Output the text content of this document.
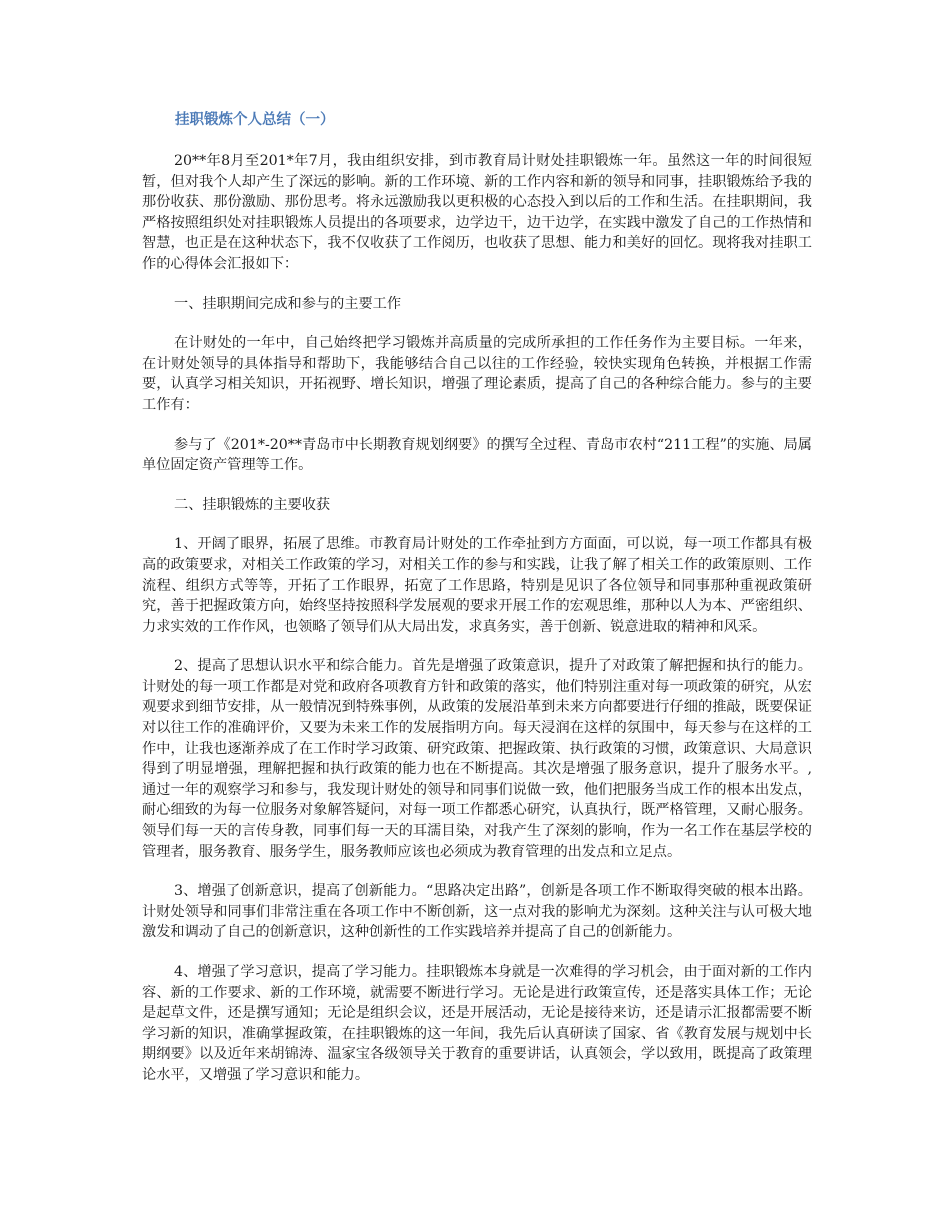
挂职锻炼个人总结（一）

20**年8月至201*年7月，我由组织安排，到市教育局计财处挂职锻炼一年。虽然这一年的时间很短暂，但对我个人却产生了深远的影响。新的工作环境、新的工作内容和新的领导和同事，挂职锻炼给予我的那份收获、那份激励、那份思考。将永远激励我以更积极的心态投入到以后的工作和生活。在挂职期间，我严格按照组织处对挂职锻炼人员提出的各项要求，边学边干，边干边学，在实践中激发了自己的工作热情和智慧，也正是在这种状态下，我不仅收获了工作阅历，也收获了思想、能力和美好的回忆。现将我对挂职工作的心得体会汇报如下：

一、挂职期间完成和参与的主要工作

在计财处的一年中，自己始终把学习锻炼并高质量的完成所承担的工作任务作为主要目标。一年来，在计财处领导的具体指导和帮助下，我能够结合自己以往的工作经验，较快实现角色转换，并根据工作需要，认真学习相关知识，开拓视野、增长知识，增强了理论素质，提高了自己的各种综合能力。参与的主要工作有：

参与了《201*-20**青岛市中长期教育规划纲要》的撰写全过程、青岛市农村“211工程”的实施、局属单位固定资产管理等工作。

二、挂职锻炼的主要收获

1、开阔了眼界，拓展了思维。市教育局计财处的工作牵扯到方方面面，可以说，每一项工作都具有极高的政策要求，对相关工作政策的学习，对相关工作的参与和实践，让我了解了相关工作的政策原则、工作流程、组织方式等等，开拓了工作眼界，拓宽了工作思路，特别是见识了各位领导和同事那种重视政策研究，善于把握政策方向，始终坚持按照科学发展观的要求开展工作的宏观思维，那种以人为本、严密组织、力求实效的工作作风，也领略了领导们从大局出发，求真务实，善于创新、锐意进取的精神和风采。

2、提高了思想认识水平和综合能力。首先是增强了政策意识，提升了对政策了解把握和执行的能力。计财处的每一项工作都是对党和政府各项教育方针和政策的落实，他们特别注重对每一项政策的研究，从宏观要求到细节安排，从一般情况到特殊事例，从政策的发展沿革到未来方向都要进行仔细的推敲，既要保证对以往工作的准确评价，又要为未来工作的发展指明方向。每天浸润在这样的氛围中，每天参与在这样的工作中，让我也逐渐养成了在工作时学习政策、研究政策、把握政策、执行政策的习惯，政策意识、大局意识得到了明显增强，理解把握和执行政策的能力也在不断提高。其次是增强了服务意识，提升了服务水平。,通过一年的观察学习和参与，我发现计财处的领导和同事们说做一致，他们把服务当成工作的根本出发点，耐心细致的为每一位服务对象解答疑问，对每一项工作都悉心研究，认真执行，既严格管理，又耐心服务。领导们每一天的言传身教，同事们每一天的耳濡目染，对我产生了深刻的影响，作为一名工作在基层学校的管理者，服务教育、服务学生，服务教师应该也必须成为教育管理的出发点和立足点。

3、增强了创新意识，提高了创新能力。“思路决定出路”，创新是各项工作不断取得突破的根本出路。计财处领导和同事们非常注重在各项工作中不断创新，这一点对我的影响尤为深刻。这种关注与认可极大地激发和调动了自己的创新意识，这种创新性的工作实践培养并提高了自己的创新能力。

4、增强了学习意识，提高了学习能力。挂职锻炼本身就是一次难得的学习机会，由于面对新的工作内容、新的工作要求、新的工作环境，就需要不断进行学习。无论是进行政策宣传，还是落实具体工作；无论是起草文件，还是撰写通知；无论是组织会议，还是开展活动，无论是接待来访，还是请示汇报都需要不断学习新的知识，准确掌握政策，在挂职锻炼的这一年间，我先后认真研读了国家、省《教育发展与规划中长期纲要》以及近年来胡锦涛、温家宝各级领导关于教育的重要讲话，认真领会，学以致用，既提高了政策理论水平，又增强了学习意识和能力。
